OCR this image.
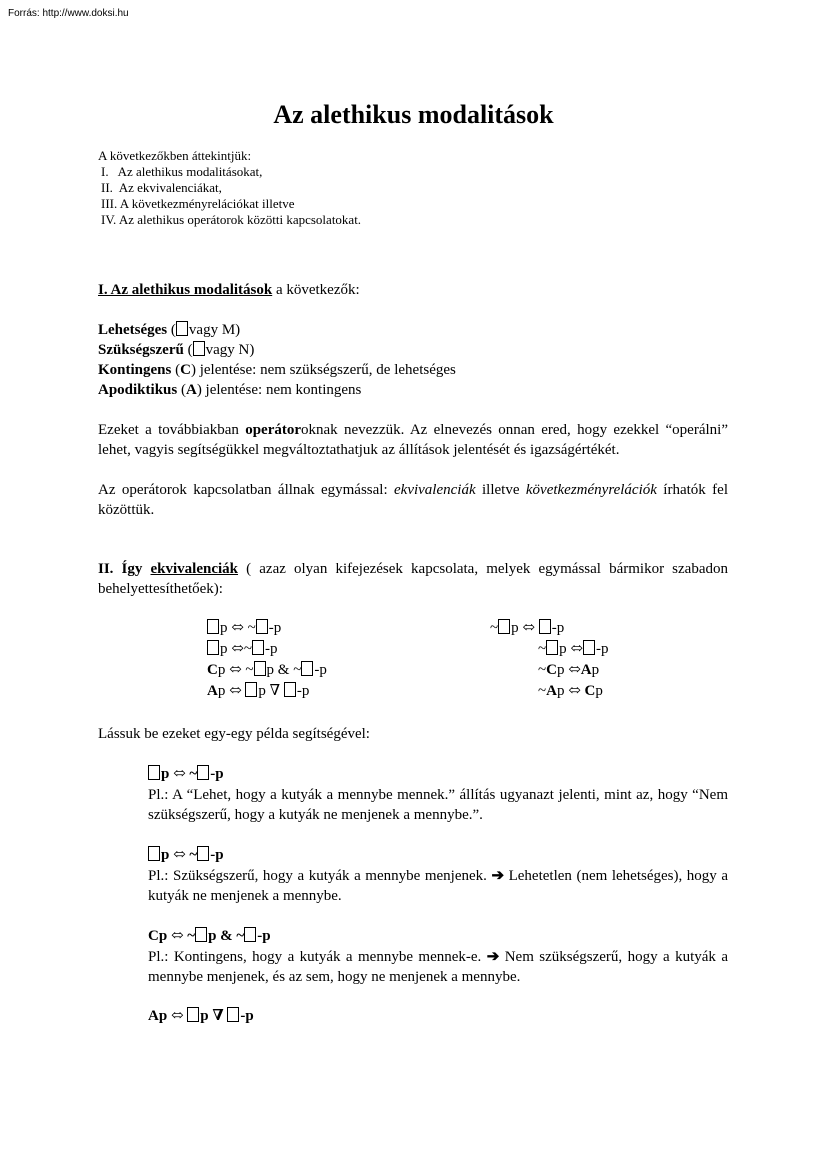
Forrás: http://www.doksi.hu
Az alethikus modalitások
A következőkben áttekintjük:
I.   Az alethikus modalitásokat,
II.  Az ekvivalenciákat,
III. A következményrelációkat illetve
IV. Az alethikus operátorok közötti kapcsolatokat.
I. Az alethikus modalitások a következők:
Lehetséges ( vagy M)
Szükségszerű ( vagy N)
Kontingens (C) jelentése: nem szükségszerű, de lehetséges
Apodiktikus (A) jelentése: nem kontingens
Ezeket a továbbiakban operátoroknak nevezzük. Az elnevezés onnan ered, hogy ezekkel “operálni” lehet, vagyis segítségükkel megváltoztathatjuk az állítások jelentését és igazságértékét.
Az operátorok kapcsolatban állnak egymással: ekvivalenciák illetve következményrelációk írhatók fel közöttük.
II. Így ekvivalenciák ( azaz olyan kifejezések kapcsolata, melyek egymással bármikor szabadon behelyettesíthetőek):
p ⬄ ~ -p
p ⬄~ -p
Cp ⬄ ~ p & ~ -p
Ap ⬄ p ∇ -p
~ p ⬄ -p
~ p ⬄ -p
~Cp ⬄Ap
~Ap ⬄ Cp
Lássuk be ezeket egy-egy példa segítségével:
p ⬄ ~ -p
Pl.: A “Lehet, hogy a kutyák a mennybe mennek.” állítás ugyanazt jelenti, mint az, hogy “Nem szükségszerű, hogy a kutyák ne menjenek a mennybe.”.
p ⬄ ~ -p
Pl.: Szükségszerű, hogy a kutyák a mennybe menjenek. ➔ Lehetetlen (nem lehetséges), hogy a kutyák ne menjenek a mennybe.
Cp ⬄ ~ p & ~ -p
Pl.: Kontingens, hogy a kutyák a mennybe mennek-e. ➔ Nem szükségszerű, hogy a kutyák a mennybe menjenek, és az sem, hogy ne menjenek a mennybe.
Ap ⬄ p ∇ -p
